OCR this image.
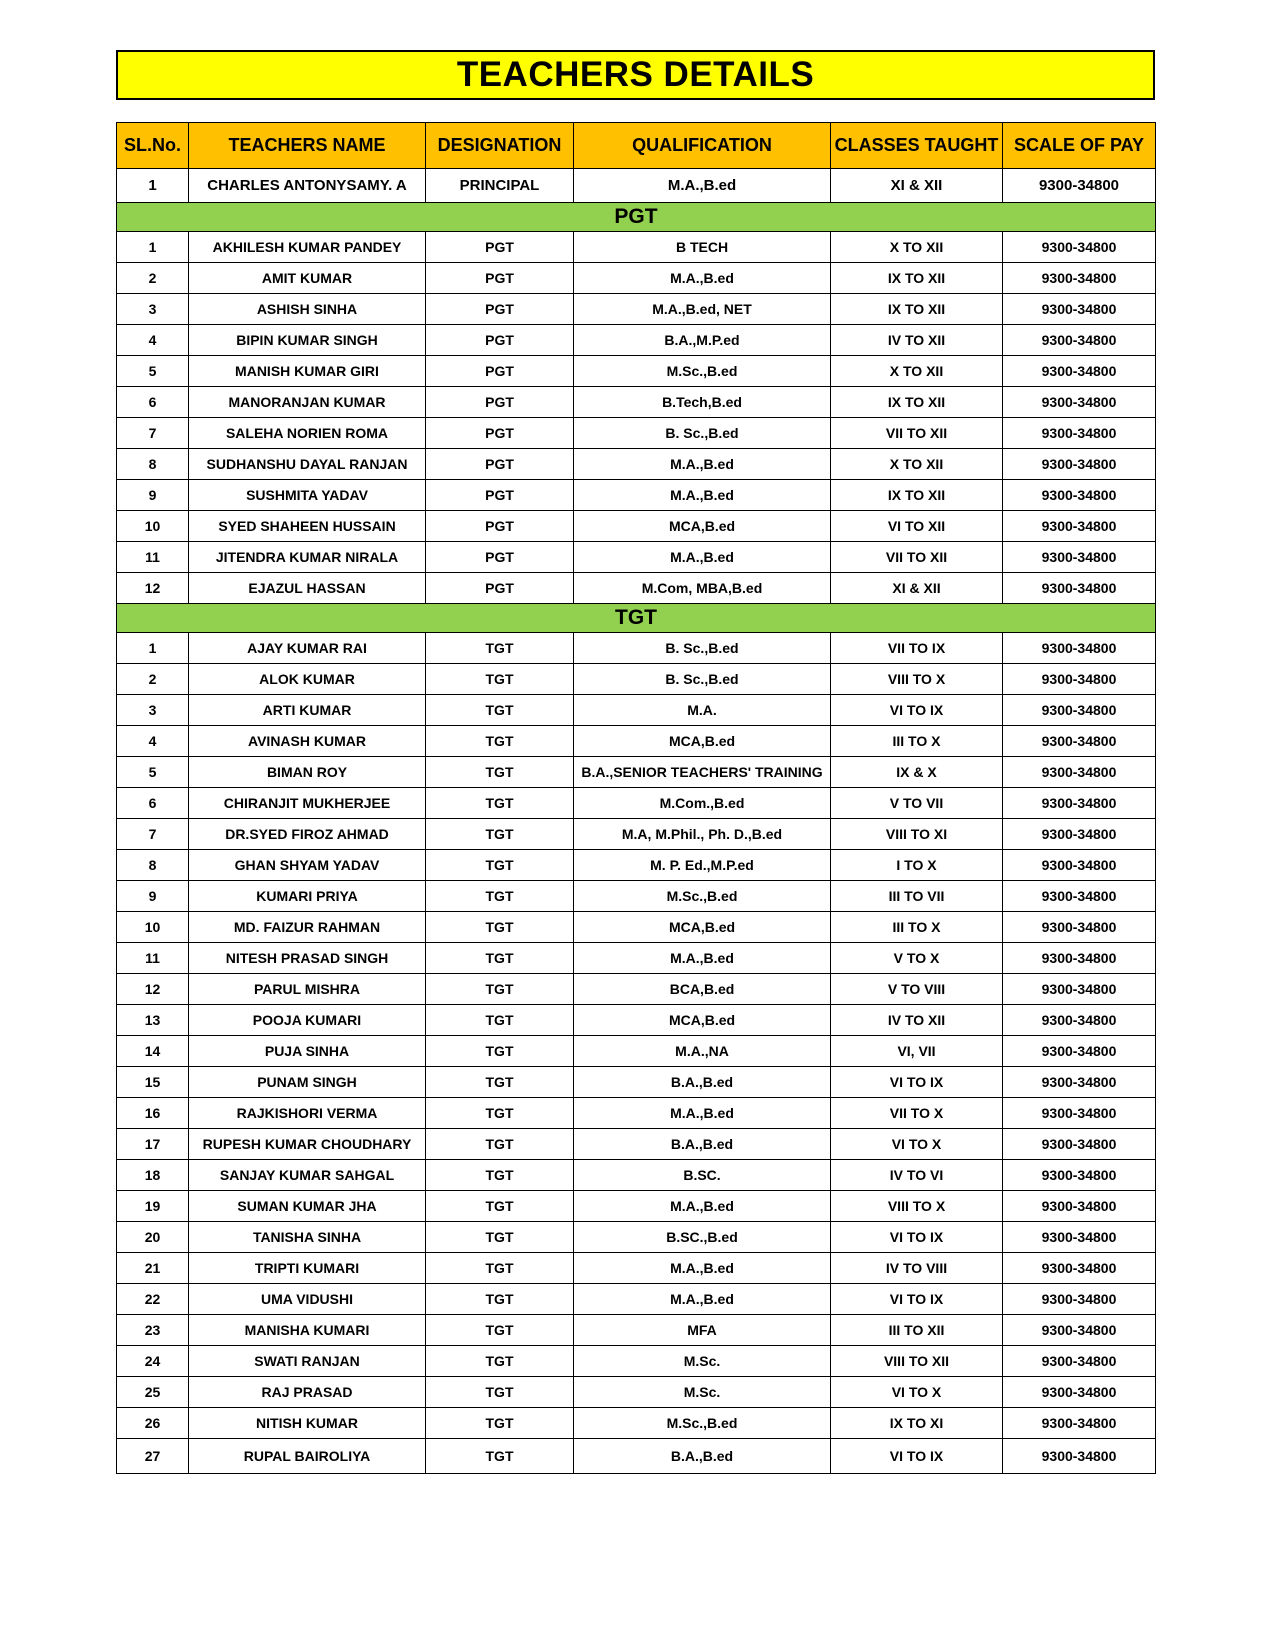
TEACHERS DETAILS
SL.No.	TEACHERS NAME	DESIGNATION	QUALIFICATION	CLASSES TAUGHT	SCALE OF PAY
1	CHARLES ANTONYSAMY. A	PRINCIPAL	M.A.,B.ed	XI & XII	9300-34800
PGT					
1	AKHILESH KUMAR PANDEY	PGT	B TECH	X TO XII	9300-34800
2	AMIT KUMAR	PGT	M.A.,B.ed	IX TO XII	9300-34800
3	ASHISH SINHA	PGT	M.A.,B.ed, NET	IX TO XII	9300-34800
4	BIPIN KUMAR SINGH	PGT	B.A.,M.P.ed	IV TO XII	9300-34800
5	MANISH KUMAR GIRI	PGT	M.Sc.,B.ed	X TO XII	9300-34800
6	MANORANJAN KUMAR	PGT	B.Tech,B.ed	IX TO XII	9300-34800
7	SALEHA NORIEN ROMA	PGT	B. Sc.,B.ed	VII TO XII	9300-34800
8	SUDHANSHU DAYAL RANJAN	PGT	M.A.,B.ed	X TO XII	9300-34800
9	SUSHMITA YADAV	PGT	M.A.,B.ed	IX TO XII	9300-34800
10	SYED SHAHEEN HUSSAIN	PGT	MCA,B.ed	VI TO XII	9300-34800
11	JITENDRA KUMAR NIRALA	PGT	M.A.,B.ed	VII TO XII	9300-34800
12	EJAZUL HASSAN	PGT	M.Com, MBA,B.ed	XI & XII	9300-34800
TGT					
1	AJAY KUMAR RAI	TGT	B. Sc.,B.ed	VII TO IX	9300-34800
2	ALOK KUMAR	TGT	B. Sc.,B.ed	VIII TO X	9300-34800
3	ARTI KUMAR	TGT	M.A.	VI TO IX	9300-34800
4	AVINASH KUMAR	TGT	MCA,B.ed	III TO X	9300-34800
5	BIMAN ROY	TGT	B.A.,SENIOR TEACHERS' TRAINING	IX & X	9300-34800
6	CHIRANJIT MUKHERJEE	TGT	M.Com.,B.ed	V TO VII	9300-34800
7	DR.SYED FIROZ AHMAD	TGT	M.A, M.Phil., Ph. D.,B.ed	VIII TO XI	9300-34800
8	GHAN SHYAM YADAV	TGT	M. P. Ed.,M.P.ed	I TO X	9300-34800
9	KUMARI PRIYA	TGT	M.Sc.,B.ed	III TO VII	9300-34800
10	MD. FAIZUR RAHMAN	TGT	MCA,B.ed	III TO X	9300-34800
11	NITESH PRASAD SINGH	TGT	M.A.,B.ed	V TO X	9300-34800
12	PARUL MISHRA	TGT	BCA,B.ed	V TO VIII	9300-34800
13	POOJA KUMARI	TGT	MCA,B.ed	IV TO XII	9300-34800
14	PUJA SINHA	TGT	M.A.,NA	VI, VII	9300-34800
15	PUNAM SINGH	TGT	B.A.,B.ed	VI TO IX	9300-34800
16	RAJKISHORI VERMA	TGT	M.A.,B.ed	VII TO X	9300-34800
17	RUPESH KUMAR CHOUDHARY	TGT	B.A.,B.ed	VI TO X	9300-34800
18	SANJAY KUMAR SAHGAL	TGT	B.SC.	IV TO VI	9300-34800
19	SUMAN KUMAR JHA	TGT	M.A.,B.ed	VIII TO X	9300-34800
20	TANISHA SINHA	TGT	B.SC.,B.ed	VI TO IX	9300-34800
21	TRIPTI KUMARI	TGT	M.A.,B.ed	IV TO VIII	9300-34800
22	UMA VIDUSHI	TGT	M.A.,B.ed	VI TO IX	9300-34800
23	MANISHA KUMARI	TGT	MFA	III TO XII	9300-34800
24	SWATI RANJAN	TGT	M.Sc.	VIII TO XII	9300-34800
25	RAJ PRASAD	TGT	M.Sc.	VI TO X	9300-34800
26	NITISH KUMAR	TGT	M.Sc.,B.ed	IX TO XI	9300-34800
27	RUPAL BAIROLIYA	TGT	B.A.,B.ed	VI TO IX	9300-34800
